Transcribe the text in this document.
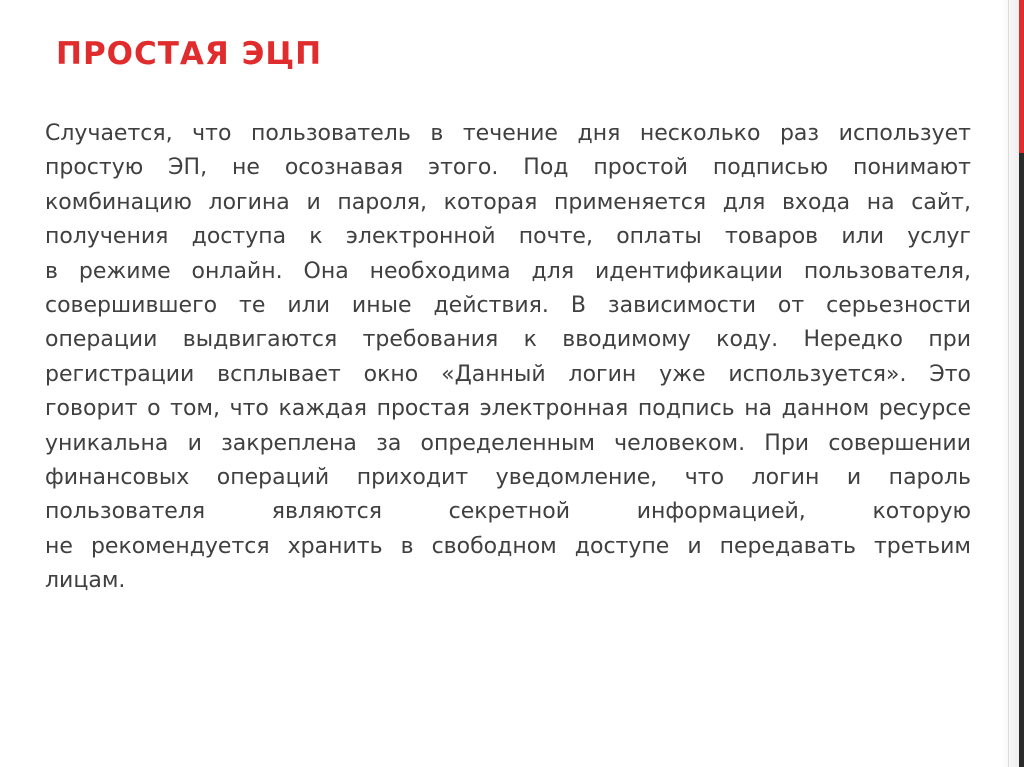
ПРОСТАЯ ЭЦП

Случается, что пользователь в течение дня несколько раз использует
простую ЭП, не осознавая этого. Под простой подписью понимают
комбинацию логина и пароля, которая применяется для входа на сайт,
получения доступа к электронной почте, оплаты товаров или услуг
в режиме онлайн. Она необходима для идентификации пользователя,
совершившего те или иные действия. В зависимости от серьезности
операции выдвигаются требования к вводимому коду. Нередко при
регистрации всплывает окно «Данный логин уже используется». Это
говорит о том, что каждая простая электронная подпись на данном ресурсе
уникальна и закреплена за определенным человеком. При совершении
финансовых операций приходит уведомление, что логин и пароль
пользователя являются секретной информацией, которую
не рекомендуется хранить в свободном доступе и передавать третьим
лицам.
